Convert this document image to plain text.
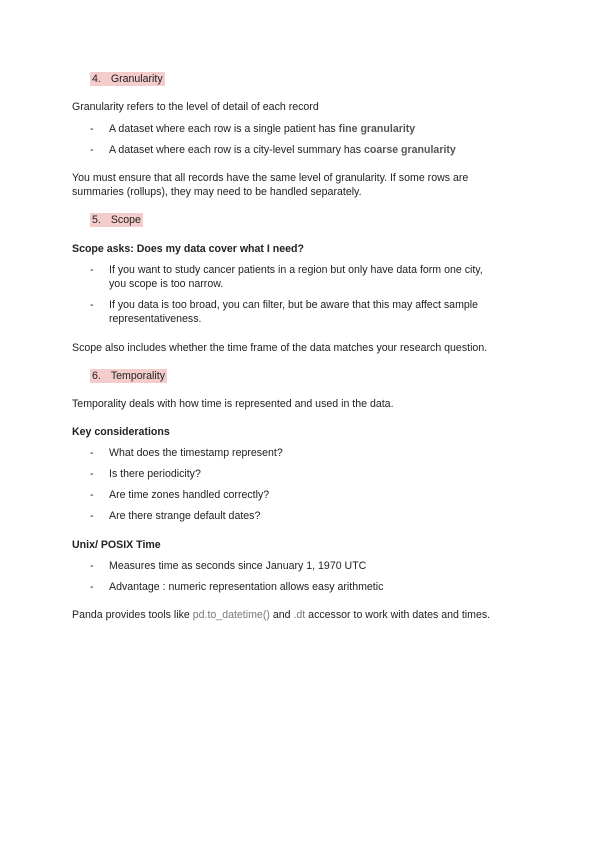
4. Granularity

Granularity refers to the level of detail of each record

- A dataset where each row is a single patient has fine granularity
- A dataset where each row is a city-level summary has coarse granularity

You must ensure that all records have the same level of granularity. If some rows are

summaries (rollups), they may need to be handled separately.

5. Scope

Scope asks: Does my data cover what I need?

- If you want to study cancer patients in a region but only have data form one city,
you scope is too narrow.
- If you data is too broad, you can filter, but be aware that this may affect sample
representativeness.

Scope also includes whether the time frame of the data matches your research question.

6. Temporality

Temporality deals with how time is represented and used in the data.

Key considerations

- What does the timestamp represent?
- Is there periodicity?
- Are time zones handled correctly?
- Are there strange default dates?

Unix/ POSIX Time

- Measures time as seconds since January 1, 1970 UTC
- Advantage : numeric representation allows easy arithmetic

Panda provides tools like pd.to_datetime() and .dt accessor to work with dates and times.
